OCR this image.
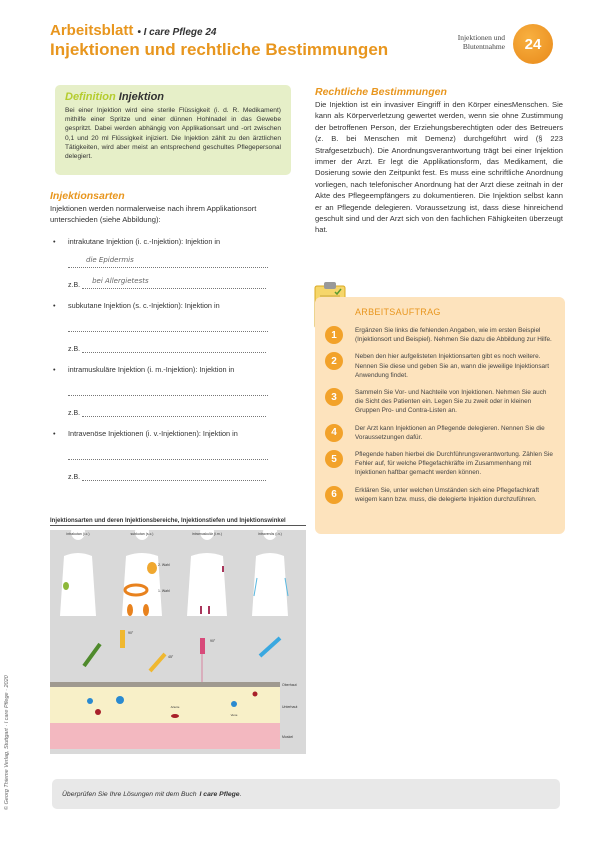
Arbeitsblatt • I care Pflege 24
Injektionen und rechtliche Bestimmungen
Injektionen und Blutentnahme	24
Definition Injektion

Bei einer Injektion wird eine sterile Flüssigkeit (i. d. R. Medikament) mithilfe einer Spritze und einer dünnen Hohlnadel in das Gewebe gespritzt. Dabei werden abhängig von Applikationsart und -ort zwischen 0,1 und 20 ml Flüssigkeit injiziert. Die Injektion zählt zu den ärztlichen Tätigkeiten, wird aber meist an entsprechend geschultes Pflegepersonal delegiert.

Rechtliche Bestimmungen

Die Injektion ist ein invasiver Eingriff in den Körper einesMenschen. Sie kann als Körperverletzung gewertet werden, wenn sie ohne Zustimmung der betroffenen Person, der Erziehungsberechtigten oder des Betreuers (z. B. bei Menschen mit Demenz) durchgeführt wird (§ 223 Strafgesetzbuch). Die Anordnungsverantwortung trägt bei einer Injektion immer der Arzt. Er legt die Applikationsform, das Medikament, die Dosierung sowie den Zeitpunkt fest. Es muss eine schriftliche Anordnung vorliegen, nach telefonischer Anordnung hat der Arzt diese zeitnah in der Akte des Pflegeempfängers zu dokumentieren. Die Injektion selbst kann er an Pflegende delegieren. Voraussetzung ist, dass diese hinreichend geschult sind und der Arzt sich von den fachlichen Fähigkeiten überzeugt hat.

Injektionsarten

Injektionen werden normalerweise nach ihrem Applikationsort unterschieden (siehe Abbildung):

• intrakutane Injektion (i. c.-Injektion): Injektion in
die Epidermis
z.B.
bei Allergietests
• subkutane Injektion (s. c.-Injektion): Injektion in
z.B.
• intramuskuläre Injektion (i. m.-Injektion): Injektion in
z.B.
• Intravenöse Injektionen (i. v.-Injektionen): Injektion in
z.B.
ARBEITSAUFTRAG
1	Ergänzen Sie links die fehlenden Angaben, wie im ersten Beispiel (Injektionsort und Beispiel). Nehmen Sie dazu die Abbildung zur Hilfe.

2	Neben den hier aufgelisteten Injektionsarten gibt es noch weitere. Nennen Sie diese und geben Sie an, wann die jeweilige Injektionsart Anwendung findet.

3	Sammeln Sie Vor- und Nachteile von Injektionen. Nehmen Sie auch die Sicht des Patienten ein. Legen Sie zu zweit oder in kleinen Gruppen Pro- und Contra-Listen an.

4	Der Arzt kann Injektionen an Pflegende delegieren. Nennen Sie die Voraussetzungen dafür.

5	Pflegende haben hierbei die Durchführungsverantwortung. Zählen Sie Fehler auf, für welche Pflegefachkräfte im Zusammenhang mit Injektionen haftbar gemacht werden können.

6	Erklären Sie, unter welchen Umständen sich eine Pflegefachkraft weigern kann bzw. muss, die delegierte Injektion durchzuführen.

Injektionsarten und deren Injektionsbereiche, Injektionstiefen und Injektionswinkel
intrakutan (i.c.)	subkutan (s.c.)	intramuskulär (i.m.)	intravenös (i.v.)
2. Wahl
1. Wahl
90°
45°
90°
Arterie
Vene
Oberhaut
Unterhaut
Muskel
© Georg Thieme Verlag, Stuttgart · I care Pflege · 2020	Überprüfen Sie Ihre Lösungen mit dem Buch I care Pflege .
